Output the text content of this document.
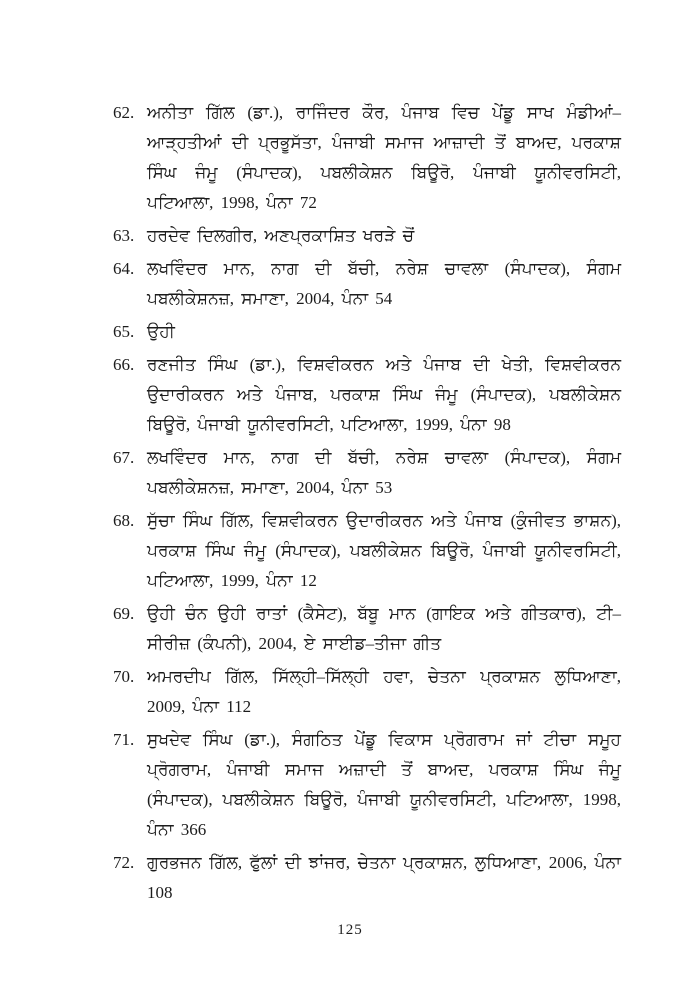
62. ਅਨੀਤਾ ਗਿੱਲ (ਡਾ.), ਰਾਜਿੰਦਰ ਕੌਰ, ਪੰਜਾਬ ਵਿਚ ਪੇਂਡੂ ਸਾਖ ਮੰਡੀਆਂ–ਆੜ੍ਹਤੀਆਂ ਦੀ ਪ੍ਰਭੂਸੱਤਾ, ਪੰਜਾਬੀ ਸਮਾਜ ਆਜ਼ਾਦੀ ਤੋਂ ਬਾਅਦ, ਪਰਕਾਸ਼ ਸਿੰਘ ਜੰਮੂ (ਸੰਪਾਦਕ), ਪਬਲੀਕੇਸ਼ਨ ਬਿਊਰੋ, ਪੰਜਾਬੀ ਯੂਨੀਵਰਸਿਟੀ, ਪਟਿਆਲਾ, 1998, ਪੰਨਾ 72
63. ਹਰਦੇਵ ਦਿਲਗੀਰ, ਅਣਪ੍ਰਕਾਸ਼ਿਤ ਖਰੜੇ ਚੋਂ
64. ਲਖਵਿੰਦਰ ਮਾਨ, ਨਾਗ ਦੀ ਬੱਚੀ, ਨਰੇਸ਼ ਚਾਵਲਾ (ਸੰਪਾਦਕ), ਸੰਗਮ ਪਬਲੀਕੇਸ਼ਨਜ਼, ਸਮਾਣਾ, 2004, ਪੰਨਾ 54
65. ਉਹੀ
66. ਰਣਜੀਤ ਸਿੰਘ (ਡਾ.), ਵਿਸ਼ਵੀਕਰਨ ਅਤੇ ਪੰਜਾਬ ਦੀ ਖੇਤੀ, ਵਿਸ਼ਵੀਕਰਨ ਉਦਾਰੀਕਰਨ ਅਤੇ ਪੰਜਾਬ, ਪਰਕਾਸ਼ ਸਿੰਘ ਜੰਮੂ (ਸੰਪਾਦਕ), ਪਬਲੀਕੇਸ਼ਨ ਬਿਊਰੋ, ਪੰਜਾਬੀ ਯੂਨੀਵਰਸਿਟੀ, ਪਟਿਆਲਾ, 1999, ਪੰਨਾ 98
67. ਲਖਵਿੰਦਰ ਮਾਨ, ਨਾਗ ਦੀ ਬੱਚੀ, ਨਰੇਸ਼ ਚਾਵਲਾ (ਸੰਪਾਦਕ), ਸੰਗਮ ਪਬਲੀਕੇਸ਼ਨਜ਼, ਸਮਾਣਾ, 2004, ਪੰਨਾ 53
68. ਸੁੱਚਾ ਸਿੰਘ ਗਿੱਲ, ਵਿਸ਼ਵੀਕਰਨ ਉਦਾਰੀਕਰਨ ਅਤੇ ਪੰਜਾਬ (ਕੁੰਜੀਵਤ ਭਾਸ਼ਨ), ਪਰਕਾਸ਼ ਸਿੰਘ ਜੰਮੂ (ਸੰਪਾਦਕ), ਪਬਲੀਕੇਸ਼ਨ ਬਿਊਰੋ, ਪੰਜਾਬੀ ਯੂਨੀਵਰਸਿਟੀ, ਪਟਿਆਲਾ, 1999, ਪੰਨਾ 12
69. ਉਹੀ ਚੰਨ ਉਹੀ ਰਾਤਾਂ (ਕੈਸੇਟ), ਬੱਬੂ ਮਾਨ (ਗਾਇਕ ਅਤੇ ਗੀਤਕਾਰ), ਟੀ–ਸੀਰੀਜ਼ (ਕੰਪਨੀ), 2004, ਏ ਸਾਈਡ–ਤੀਜਾ ਗੀਤ
70. ਅਮਰਦੀਪ ਗਿੱਲ, ਸਿੱਲ੍ਹੀ–ਸਿੱਲ੍ਹੀ ਹਵਾ, ਚੇਤਨਾ ਪ੍ਰਕਾਸ਼ਨ ਲੁਧਿਆਣਾ, 2009, ਪੰਨਾ 112
71. ਸੁਖਦੇਵ ਸਿੰਘ (ਡਾ.), ਸੰਗਠਿਤ ਪੇਂਡੂ ਵਿਕਾਸ ਪ੍ਰੋਗਰਾਮ ਜਾਂ ਟੀਚਾ ਸਮੂਹ ਪ੍ਰੋਗਰਾਮ, ਪੰਜਾਬੀ ਸਮਾਜ ਅਜ਼ਾਦੀ ਤੋਂ ਬਾਅਦ, ਪਰਕਾਸ਼ ਸਿੰਘ ਜੰਮੂ (ਸੰਪਾਦਕ), ਪਬਲੀਕੇਸ਼ਨ ਬਿਊਰੋ, ਪੰਜਾਬੀ ਯੂਨੀਵਰਸਿਟੀ, ਪਟਿਆਲਾ, 1998, ਪੰਨਾ 366
72. ਗੁਰਭਜਨ ਗਿੱਲ, ਫੁੱਲਾਂ ਦੀ ਝਾਂਜਰ, ਚੇਤਨਾ ਪ੍ਰਕਾਸ਼ਨ, ਲੁਧਿਆਣਾ, 2006, ਪੰਨਾ 108
125
